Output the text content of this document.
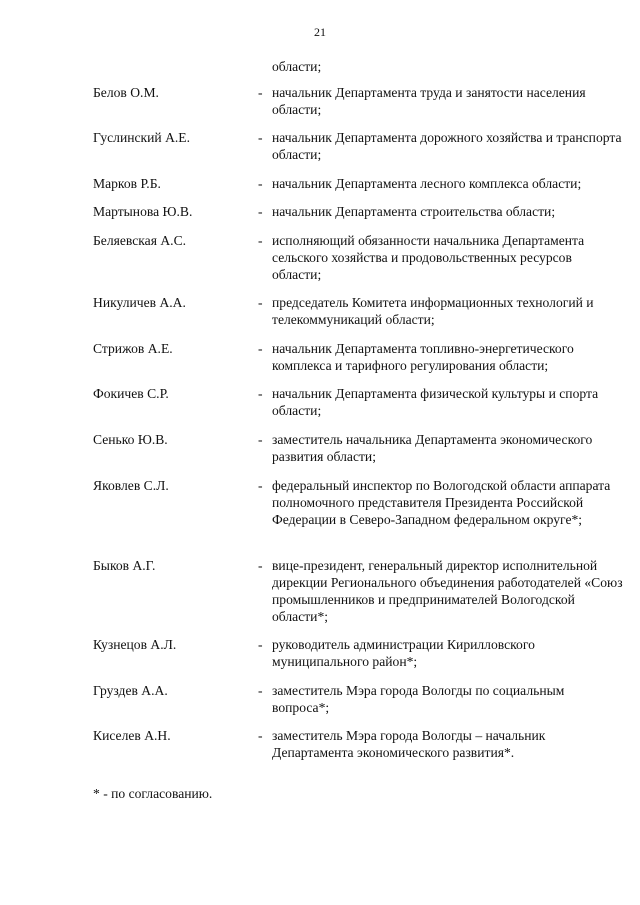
21
области;
Белов О.М.	- начальник Департамента труда и занятости населения области;
Гуслинский А.Е.	- начальник Департамента дорожного хозяйства и транспорта области;
Марков Р.Б.	- начальник Департамента лесного комплекса области;
Мартынова Ю.В.	- начальник Департамента строительства области;
Беляевская А.С.	- исполняющий обязанности начальника Департамента сельского хозяйства и продовольственных ресурсов области;
Никуличев А.А.	- председатель Комитета информационных технологий и телекоммуникаций области;
Стрижов А.Е.	- начальник Департамента топливно-энергетического комплекса и тарифного регулирования области;
Фокичев С.Р.	- начальник Департамента физической культуры и спорта области;
Сенько Ю.В.	- заместитель начальника Департамента экономического развития области;
Яковлев С.Л.	- федеральный инспектор по Вологодской области аппарата полномочного представителя Президента Российской Федерации в Северо-Западном федеральном округе*;
Быков А.Г.	- вице-президент, генеральный директор исполнительной дирекции Регионального объединения работодателей «Союз промышленников и предпринимателей Вологодской области*;
Кузнецов А.Л.	- руководитель администрации Кирилловского муниципального район*;
Груздев А.А.	- заместитель Мэра города Вологды по социальным вопроса*;
Киселев А.Н.	- заместитель Мэра города Вологды – начальник Департамента экономического развития*.
* - по согласованию.
